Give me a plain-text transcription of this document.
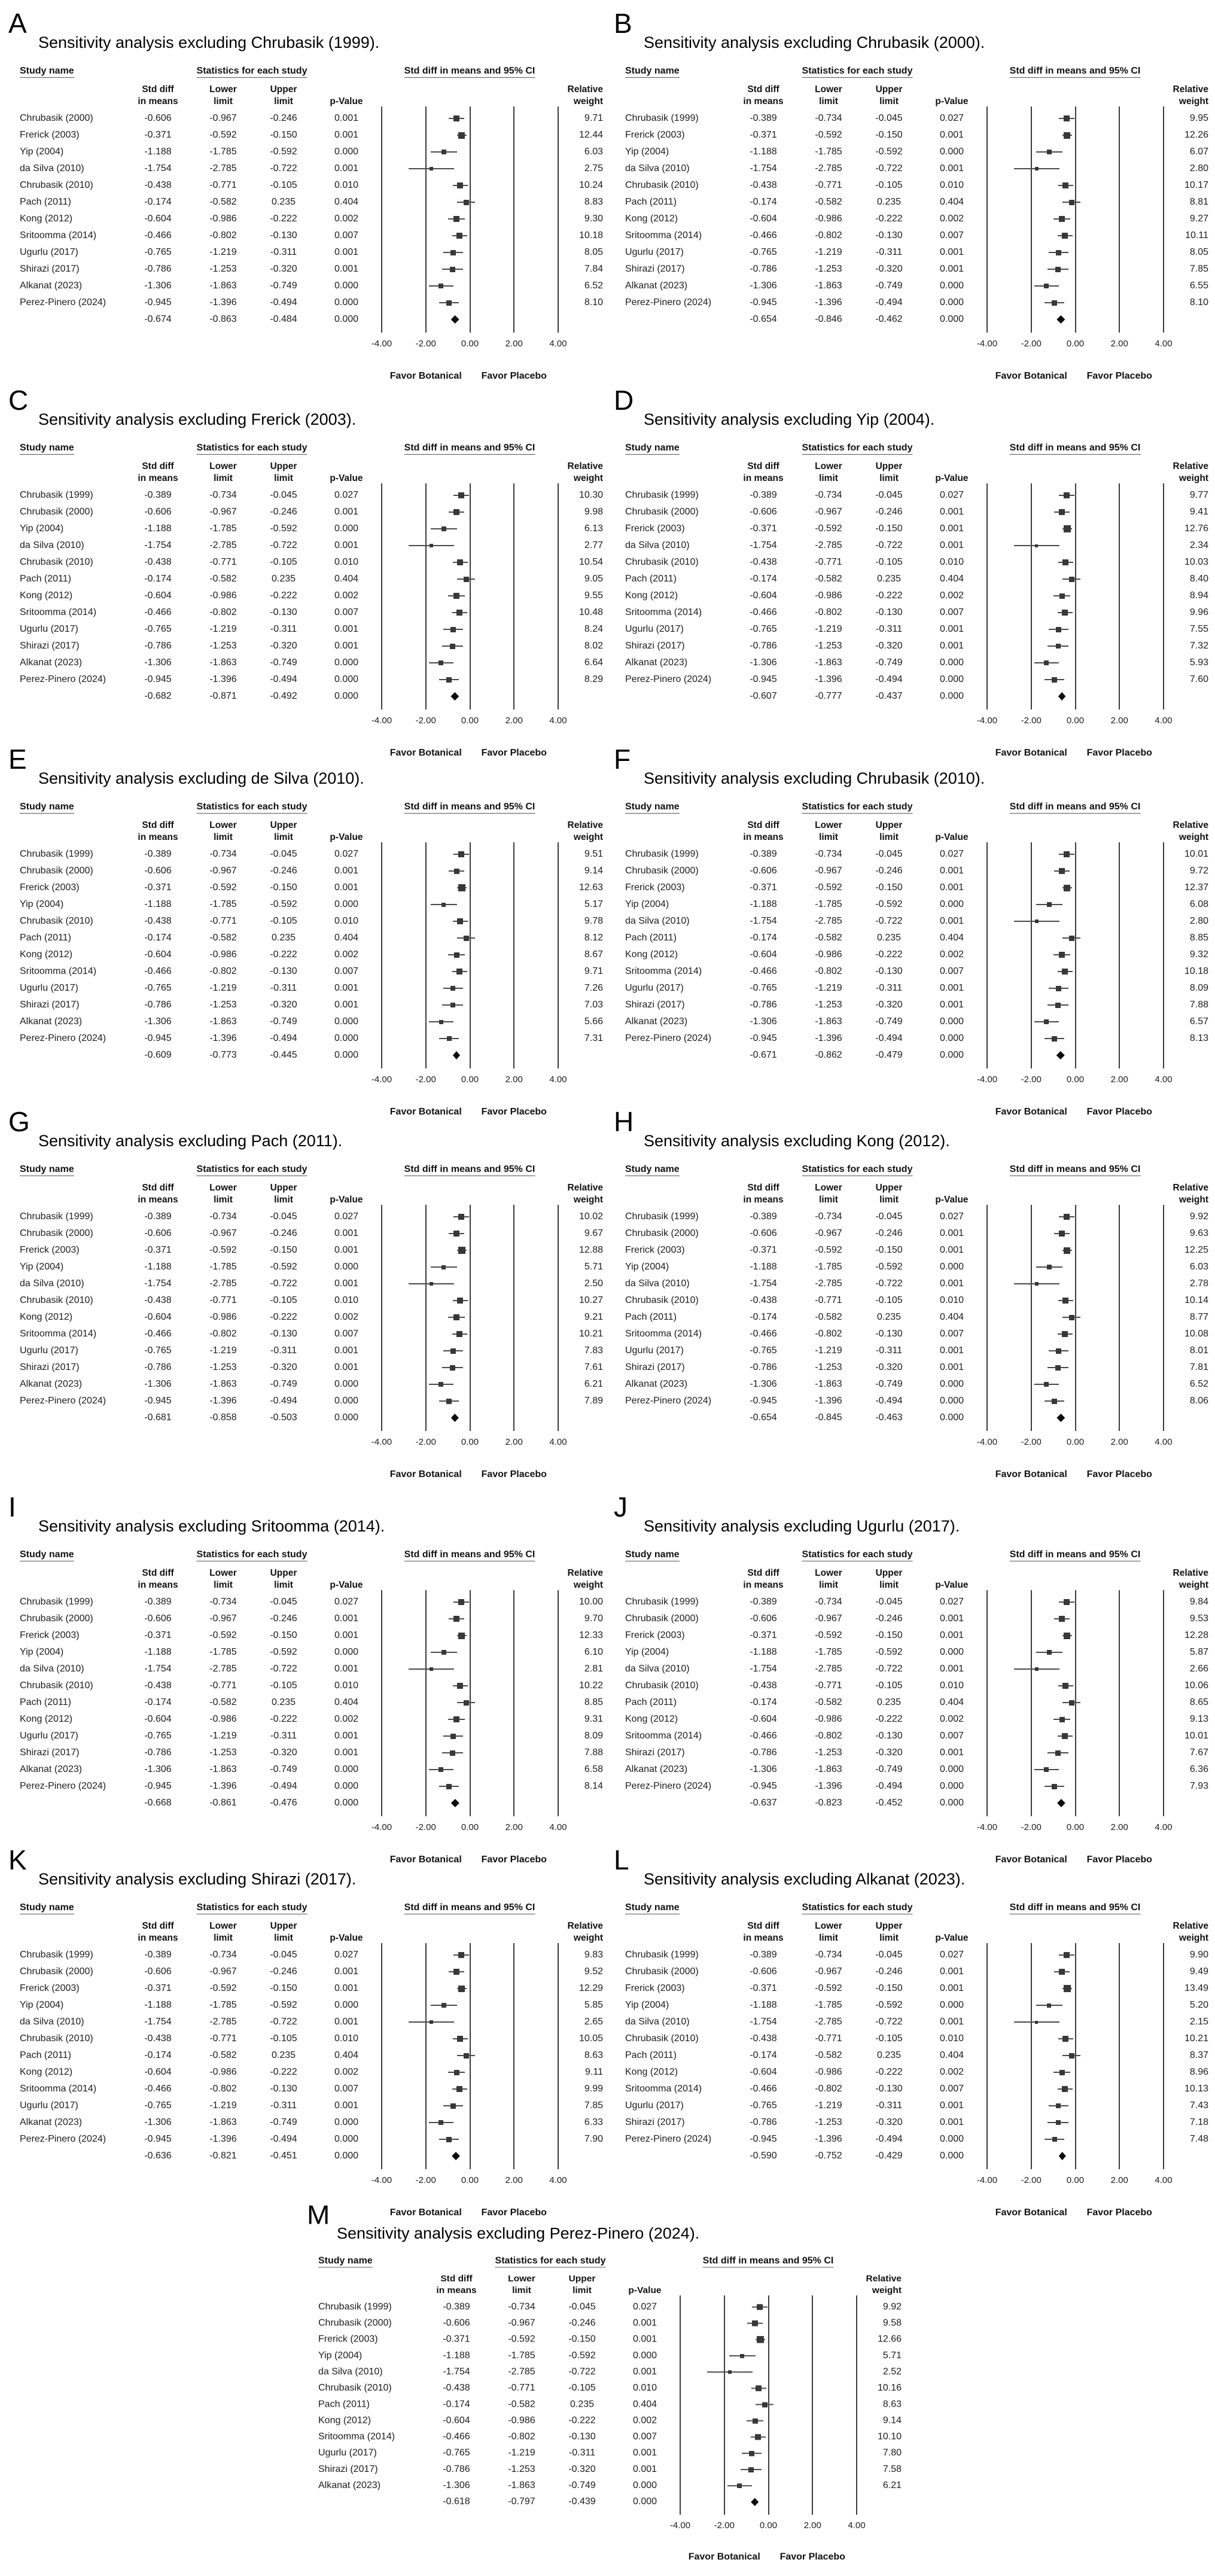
A
Sensitivity analysis excluding Chrubasik (1999).
Study name	Statistics for each study	Std diff in means and 95% CI
Std diff
in means
Lower
limit
Upper
limit	p-Value
Relative
weight
Chrubasik (2000)	-0.606	-0.967	-0.246	0.001	9.71
Frerick (2003)	-0.371	-0.592	-0.150	0.001	12.44
Yip (2004)	-1.188	-1.785	-0.592	0.000	6.03
da Silva (2010)	-1.754	-2.785	-0.722	0.001	2.75
Chrubasik (2010)	-0.438	-0.771	-0.105	0.010	10.24
Pach (2011)	-0.174	-0.582	0.235	0.404	8.83
Kong (2012)	-0.604	-0.986	-0.222	0.002	9.30
Sritoomma (2014)	-0.466	-0.802	-0.130	0.007	10.18
Ugurlu (2017)	-0.765	-1.219	-0.311	0.001	8.05
Shirazi (2017)	-0.786	-1.253	-0.320	0.001	7.84
Alkanat (2023)	-1.306	-1.863	-0.749	0.000	6.52
Perez-Pinero (2024)	-0.945	-1.396	-0.494	0.000	8.10
-0.674	-0.863	-0.484	0.000
-4.00	-2.00	0.00	2.00	4.00
Favor Botanical	Favor Placebo
B
Sensitivity analysis excluding Chrubasik (2000).
Study name	Statistics for each study	Std diff in means and 95% CI
Std diff
in means
Lower
limit
Upper
limit	p-Value
Relative
weight
Chrubasik (1999)	-0.389	-0.734	-0.045	0.027	9.95
Frerick (2003)	-0.371	-0.592	-0.150	0.001	12.26
Yip (2004)	-1.188	-1.785	-0.592	0.000	6.07
da Silva (2010)	-1.754	-2.785	-0.722	0.001	2.80
Chrubasik (2010)	-0.438	-0.771	-0.105	0.010	10.17
Pach (2011)	-0.174	-0.582	0.235	0.404	8.81
Kong (2012)	-0.604	-0.986	-0.222	0.002	9.27
Sritoomma (2014)	-0.466	-0.802	-0.130	0.007	10.11
Ugurlu (2017)	-0.765	-1.219	-0.311	0.001	8.05
Shirazi (2017)	-0.786	-1.253	-0.320	0.001	7.85
Alkanat (2023)	-1.306	-1.863	-0.749	0.000	6.55
Perez-Pinero (2024)	-0.945	-1.396	-0.494	0.000	8.10
-0.654	-0.846	-0.462	0.000
-4.00	-2.00	0.00	2.00	4.00
Favor Botanical	Favor Placebo
C
Sensitivity analysis excluding Frerick (2003).
Study name	Statistics for each study	Std diff in means and 95% CI
Std diff
in means
Lower
limit
Upper
limit	p-Value
Relative
weight
Chrubasik (1999)	-0.389	-0.734	-0.045	0.027	10.30
Chrubasik (2000)	-0.606	-0.967	-0.246	0.001	9.98
Yip (2004)	-1.188	-1.785	-0.592	0.000	6.13
da Silva (2010)	-1.754	-2.785	-0.722	0.001	2.77
Chrubasik (2010)	-0.438	-0.771	-0.105	0.010	10.54
Pach (2011)	-0.174	-0.582	0.235	0.404	9.05
Kong (2012)	-0.604	-0.986	-0.222	0.002	9.55
Sritoomma (2014)	-0.466	-0.802	-0.130	0.007	10.48
Ugurlu (2017)	-0.765	-1.219	-0.311	0.001	8.24
Shirazi (2017)	-0.786	-1.253	-0.320	0.001	8.02
Alkanat (2023)	-1.306	-1.863	-0.749	0.000	6.64
Perez-Pinero (2024)	-0.945	-1.396	-0.494	0.000	8.29
-0.682	-0.871	-0.492	0.000
-4.00	-2.00	0.00	2.00	4.00
Favor Botanical	Favor Placebo
D
Sensitivity analysis excluding Yip (2004).
Study name	Statistics for each study	Std diff in means and 95% CI
Std diff
in means
Lower
limit
Upper
limit	p-Value
Relative
weight
Chrubasik (1999)	-0.389	-0.734	-0.045	0.027	9.77
Chrubasik (2000)	-0.606	-0.967	-0.246	0.001	9.41
Frerick (2003)	-0.371	-0.592	-0.150	0.001	12.76
da Silva (2010)	-1.754	-2.785	-0.722	0.001	2.34
Chrubasik (2010)	-0.438	-0.771	-0.105	0.010	10.03
Pach (2011)	-0.174	-0.582	0.235	0.404	8.40
Kong (2012)	-0.604	-0.986	-0.222	0.002	8.94
Sritoomma (2014)	-0.466	-0.802	-0.130	0.007	9.96
Ugurlu (2017)	-0.765	-1.219	-0.311	0.001	7.55
Shirazi (2017)	-0.786	-1.253	-0.320	0.001	7.32
Alkanat (2023)	-1.306	-1.863	-0.749	0.000	5.93
Perez-Pinero (2024)	-0.945	-1.396	-0.494	0.000	7.60
-0.607	-0.777	-0.437	0.000
-4.00	-2.00	0.00	2.00	4.00
Favor Botanical	Favor Placebo
E
Sensitivity analysis excluding de Silva (2010).
Study name	Statistics for each study	Std diff in means and 95% CI
Std diff
in means
Lower
limit
Upper
limit	p-Value
Relative
weight
Chrubasik (1999)	-0.389	-0.734	-0.045	0.027	9.51
Chrubasik (2000)	-0.606	-0.967	-0.246	0.001	9.14
Frerick (2003)	-0.371	-0.592	-0.150	0.001	12.63
Yip (2004)	-1.188	-1.785	-0.592	0.000	5.17
Chrubasik (2010)	-0.438	-0.771	-0.105	0.010	9.78
Pach (2011)	-0.174	-0.582	0.235	0.404	8.12
Kong (2012)	-0.604	-0.986	-0.222	0.002	8.67
Sritoomma (2014)	-0.466	-0.802	-0.130	0.007	9.71
Ugurlu (2017)	-0.765	-1.219	-0.311	0.001	7.26
Shirazi (2017)	-0.786	-1.253	-0.320	0.001	7.03
Alkanat (2023)	-1.306	-1.863	-0.749	0.000	5.66
Perez-Pinero (2024)	-0.945	-1.396	-0.494	0.000	7.31
-0.609	-0.773	-0.445	0.000
-4.00	-2.00	0.00	2.00	4.00
Favor Botanical	Favor Placebo
F
Sensitivity analysis excluding Chrubasik (2010).
Study name	Statistics for each study	Std diff in means and 95% CI
Std diff
in means
Lower
limit
Upper
limit	p-Value
Relative
weight
Chrubasik (1999)	-0.389	-0.734	-0.045	0.027	10.01
Chrubasik (2000)	-0.606	-0.967	-0.246	0.001	9.72
Frerick (2003)	-0.371	-0.592	-0.150	0.001	12.37
Yip (2004)	-1.188	-1.785	-0.592	0.000	6.08
da Silva (2010)	-1.754	-2.785	-0.722	0.001	2.80
Pach (2011)	-0.174	-0.582	0.235	0.404	8.85
Kong (2012)	-0.604	-0.986	-0.222	0.002	9.32
Sritoomma (2014)	-0.466	-0.802	-0.130	0.007	10.18
Ugurlu (2017)	-0.765	-1.219	-0.311	0.001	8.09
Shirazi (2017)	-0.786	-1.253	-0.320	0.001	7.88
Alkanat (2023)	-1.306	-1.863	-0.749	0.000	6.57
Perez-Pinero (2024)	-0.945	-1.396	-0.494	0.000	8.13
-0.671	-0.862	-0.479	0.000
-4.00	-2.00	0.00	2.00	4.00
Favor Botanical	Favor Placebo
G
Sensitivity analysis excluding Pach (2011).
Study name	Statistics for each study	Std diff in means and 95% CI
Std diff
in means
Lower
limit
Upper
limit	p-Value
Relative
weight
Chrubasik (1999)	-0.389	-0.734	-0.045	0.027	10.02
Chrubasik (2000)	-0.606	-0.967	-0.246	0.001	9.67
Frerick (2003)	-0.371	-0.592	-0.150	0.001	12.88
Yip (2004)	-1.188	-1.785	-0.592	0.000	5.71
da Silva (2010)	-1.754	-2.785	-0.722	0.001	2.50
Chrubasik (2010)	-0.438	-0.771	-0.105	0.010	10.27
Kong (2012)	-0.604	-0.986	-0.222	0.002	9.21
Sritoomma (2014)	-0.466	-0.802	-0.130	0.007	10.21
Ugurlu (2017)	-0.765	-1.219	-0.311	0.001	7.83
Shirazi (2017)	-0.786	-1.253	-0.320	0.001	7.61
Alkanat (2023)	-1.306	-1.863	-0.749	0.000	6.21
Perez-Pinero (2024)	-0.945	-1.396	-0.494	0.000	7.89
-0.681	-0.858	-0.503	0.000
-4.00	-2.00	0.00	2.00	4.00
Favor Botanical	Favor Placebo
H
Sensitivity analysis excluding Kong (2012).
Study name	Statistics for each study	Std diff in means and 95% CI
Std diff
in means
Lower
limit
Upper
limit	p-Value
Relative
weight
Chrubasik (1999)	-0.389	-0.734	-0.045	0.027	9.92
Chrubasik (2000)	-0.606	-0.967	-0.246	0.001	9.63
Frerick (2003)	-0.371	-0.592	-0.150	0.001	12.25
Yip (2004)	-1.188	-1.785	-0.592	0.000	6.03
da Silva (2010)	-1.754	-2.785	-0.722	0.001	2.78
Chrubasik (2010)	-0.438	-0.771	-0.105	0.010	10.14
Pach (2011)	-0.174	-0.582	0.235	0.404	8.77
Sritoomma (2014)	-0.466	-0.802	-0.130	0.007	10.08
Ugurlu (2017)	-0.765	-1.219	-0.311	0.001	8.01
Shirazi (2017)	-0.786	-1.253	-0.320	0.001	7.81
Alkanat (2023)	-1.306	-1.863	-0.749	0.000	6.52
Perez-Pinero (2024)	-0.945	-1.396	-0.494	0.000	8.06
-0.654	-0.845	-0.463	0.000
-4.00	-2.00	0.00	2.00	4.00
Favor Botanical	Favor Placebo
I
Sensitivity analysis excluding Sritoomma (2014).
Study name	Statistics for each study	Std diff in means and 95% CI
Std diff
in means
Lower
limit
Upper
limit	p-Value
Relative
weight
Chrubasik (1999)	-0.389	-0.734	-0.045	0.027	10.00
Chrubasik (2000)	-0.606	-0.967	-0.246	0.001	9.70
Frerick (2003)	-0.371	-0.592	-0.150	0.001	12.33
Yip (2004)	-1.188	-1.785	-0.592	0.000	6.10
da Silva (2010)	-1.754	-2.785	-0.722	0.001	2.81
Chrubasik (2010)	-0.438	-0.771	-0.105	0.010	10.22
Pach (2011)	-0.174	-0.582	0.235	0.404	8.85
Kong (2012)	-0.604	-0.986	-0.222	0.002	9.31
Ugurlu (2017)	-0.765	-1.219	-0.311	0.001	8.09
Shirazi (2017)	-0.786	-1.253	-0.320	0.001	7.88
Alkanat (2023)	-1.306	-1.863	-0.749	0.000	6.58
Perez-Pinero (2024)	-0.945	-1.396	-0.494	0.000	8.14
-0.668	-0.861	-0.476	0.000
-4.00	-2.00	0.00	2.00	4.00
Favor Botanical	Favor Placebo
J
Sensitivity analysis excluding Ugurlu (2017).
Study name	Statistics for each study	Std diff in means and 95% CI
Std diff
in means
Lower
limit
Upper
limit	p-Value
Relative
weight
Chrubasik (1999)	-0.389	-0.734	-0.045	0.027	9.84
Chrubasik (2000)	-0.606	-0.967	-0.246	0.001	9.53
Frerick (2003)	-0.371	-0.592	-0.150	0.001	12.28
Yip (2004)	-1.188	-1.785	-0.592	0.000	5.87
da Silva (2010)	-1.754	-2.785	-0.722	0.001	2.66
Chrubasik (2010)	-0.438	-0.771	-0.105	0.010	10.06
Pach (2011)	-0.174	-0.582	0.235	0.404	8.65
Kong (2012)	-0.604	-0.986	-0.222	0.002	9.13
Sritoomma (2014)	-0.466	-0.802	-0.130	0.007	10.01
Shirazi (2017)	-0.786	-1.253	-0.320	0.001	7.67
Alkanat (2023)	-1.306	-1.863	-0.749	0.000	6.36
Perez-Pinero (2024)	-0.945	-1.396	-0.494	0.000	7.93
-0.637	-0.823	-0.452	0.000
-4.00	-2.00	0.00	2.00	4.00
Favor Botanical	Favor Placebo
K
Sensitivity analysis excluding Shirazi (2017).
Study name	Statistics for each study	Std diff in means and 95% CI
Std diff
in means
Lower
limit
Upper
limit	p-Value
Relative
weight
Chrubasik (1999)	-0.389	-0.734	-0.045	0.027	9.83
Chrubasik (2000)	-0.606	-0.967	-0.246	0.001	9.52
Frerick (2003)	-0.371	-0.592	-0.150	0.001	12.29
Yip (2004)	-1.188	-1.785	-0.592	0.000	5.85
da Silva (2010)	-1.754	-2.785	-0.722	0.001	2.65
Chrubasik (2010)	-0.438	-0.771	-0.105	0.010	10.05
Pach (2011)	-0.174	-0.582	0.235	0.404	8.63
Kong (2012)	-0.604	-0.986	-0.222	0.002	9.11
Sritoomma (2014)	-0.466	-0.802	-0.130	0.007	9.99
Ugurlu (2017)	-0.765	-1.219	-0.311	0.001	7.85
Alkanat (2023)	-1.306	-1.863	-0.749	0.000	6.33
Perez-Pinero (2024)	-0.945	-1.396	-0.494	0.000	7.90
-0.636	-0.821	-0.451	0.000
-4.00	-2.00	0.00	2.00	4.00
Favor Botanical	Favor Placebo
L
Sensitivity analysis excluding Alkanat (2023).
Study name	Statistics for each study	Std diff in means and 95% CI
Std diff
in means
Lower
limit
Upper
limit	p-Value
Relative
weight
Chrubasik (1999)	-0.389	-0.734	-0.045	0.027	9.90
Chrubasik (2000)	-0.606	-0.967	-0.246	0.001	9.49
Frerick (2003)	-0.371	-0.592	-0.150	0.001	13.49
Yip (2004)	-1.188	-1.785	-0.592	0.000	5.20
da Silva (2010)	-1.754	-2.785	-0.722	0.001	2.15
Chrubasik (2010)	-0.438	-0.771	-0.105	0.010	10.21
Pach (2011)	-0.174	-0.582	0.235	0.404	8.37
Kong (2012)	-0.604	-0.986	-0.222	0.002	8.96
Sritoomma (2014)	-0.466	-0.802	-0.130	0.007	10.13
Ugurlu (2017)	-0.765	-1.219	-0.311	0.001	7.43
Shirazi (2017)	-0.786	-1.253	-0.320	0.001	7.18
Perez-Pinero (2024)	-0.945	-1.396	-0.494	0.000	7.48
-0.590	-0.752	-0.429	0.000
-4.00	-2.00	0.00	2.00	4.00
Favor Botanical	Favor Placebo
M
Sensitivity analysis excluding Perez-Pinero (2024).
Study name	Statistics for each study	Std diff in means and 95% CI
Std diff
in means
Lower
limit
Upper
limit	p-Value
Relative
weight
Chrubasik (1999)	-0.389	-0.734	-0.045	0.027	9.92
Chrubasik (2000)	-0.606	-0.967	-0.246	0.001	9.58
Frerick (2003)	-0.371	-0.592	-0.150	0.001	12.66
Yip (2004)	-1.188	-1.785	-0.592	0.000	5.71
da Silva (2010)	-1.754	-2.785	-0.722	0.001	2.52
Chrubasik (2010)	-0.438	-0.771	-0.105	0.010	10.16
Pach (2011)	-0.174	-0.582	0.235	0.404	8.63
Kong (2012)	-0.604	-0.986	-0.222	0.002	9.14
Sritoomma (2014)	-0.466	-0.802	-0.130	0.007	10.10
Ugurlu (2017)	-0.765	-1.219	-0.311	0.001	7.80
Shirazi (2017)	-0.786	-1.253	-0.320	0.001	7.58
Alkanat (2023)	-1.306	-1.863	-0.749	0.000	6.21
-0.618	-0.797	-0.439	0.000
-4.00	-2.00	0.00	2.00	4.00
Favor Botanical	Favor Placebo
